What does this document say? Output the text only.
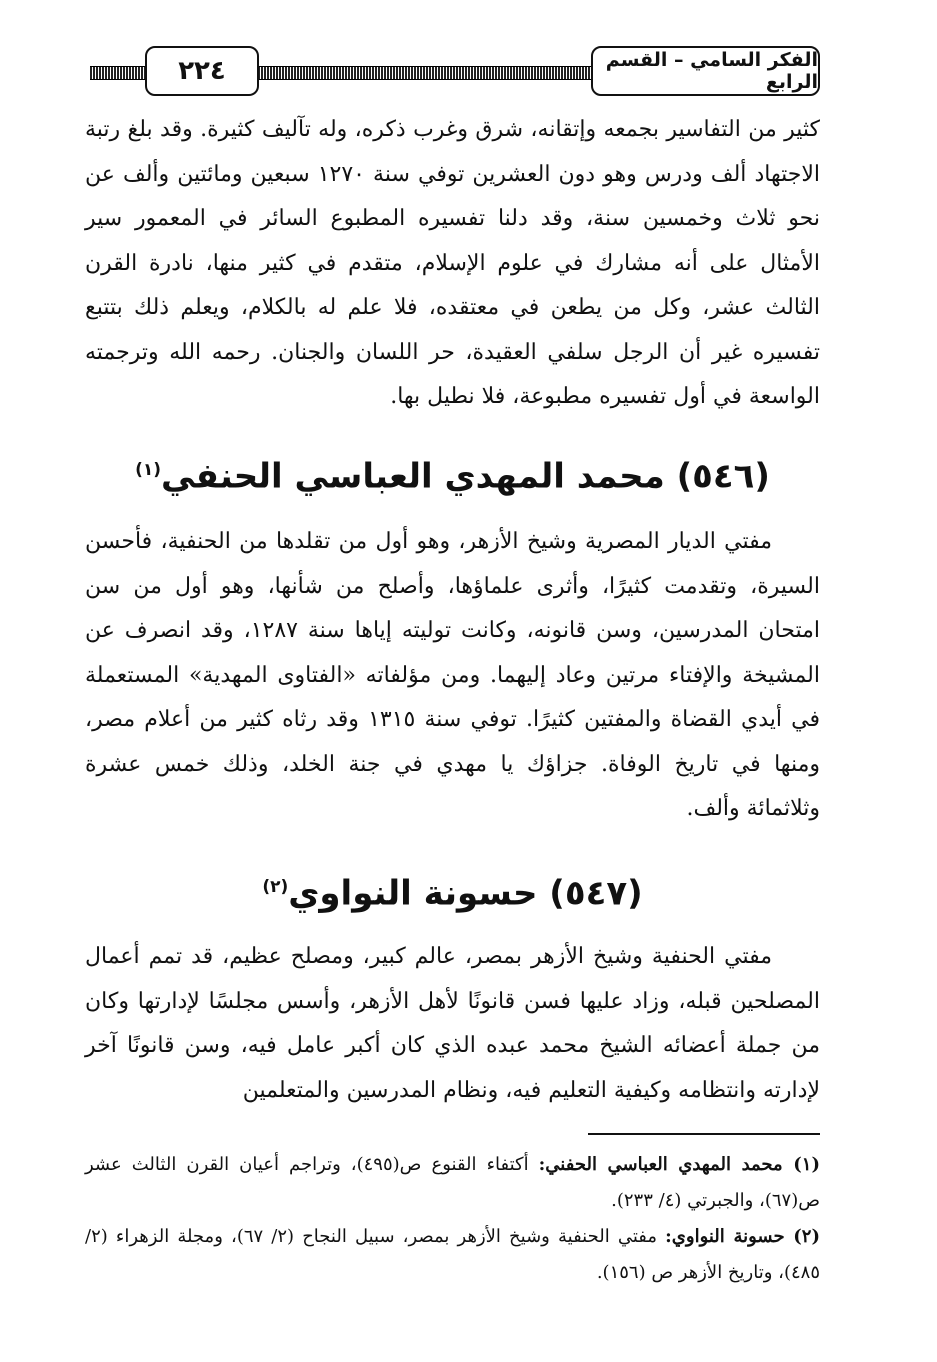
٢٢٤	الفكر السامي – القسم الرابع

كثير من التفاسير بجمعه وإتقانه، شرق وغرب ذكره، وله تآليف كثيرة. وقد بلغ رتبة الاجتهاد ألف ودرس وهو دون العشرين توفي سنة ١٢٧٠ سبعين ومائتين وألف عن نحو ثلاث وخمسين سنة، وقد دلنا تفسيره المطبوع السائر في المعمور سير الأمثال على أنه مشارك في علوم الإسلام، متقدم في كثير منها، نادرة القرن الثالث عشر، وكل من يطعن في معتقده، فلا علم له بالكلام، ويعلم ذلك بتتبع تفسيره غير أن الرجل سلفي العقيدة، حر اللسان والجنان. رحمه الله وترجمته الواسعة في أول تفسيره مطبوعة، فلا نطيل بها.

(٥٤٦) محمد المهدي العباسي الحنفي$^{(١)}$

مفتي الديار المصرية وشيخ الأزهر، وهو أول من تقلدها من الحنفية، فأحسن السيرة، وتقدمت كثيرًا، وأثرى علماؤها، وأصلح من شأنها، وهو أول من سن امتحان المدرسين، وسن قانونه، وكانت توليته إياها سنة ١٢٨٧، وقد انصرف عن المشيخة والإفتاء مرتين وعاد إليهما. ومن مؤلفاته «الفتاوى المهدية» المستعملة في أيدي القضاة والمفتين كثيرًا. توفي سنة ١٣١٥ وقد رثاه كثير من أعلام مصر، ومنها في تاريخ الوفاة. جزاؤك يا مهدي في جنة الخلد، وذلك خمس عشرة وثلاثمائة وألف.

(٥٤٧) حسونة النواوي$^{(٢)}$

مفتي الحنفية وشيخ الأزهر بمصر، عالم كبير، ومصلح عظيم، قد تمم أعمال المصلحين قبله، وزاد عليها فسن قانونًا لأهل الأزهر، وأسس مجلسًا لإدارتها وكان من جملة أعضائه الشيخ محمد عبده الذي كان أكبر عامل فيه، وسن قانونًا آخر لإدارته وانتظامه وكيفية التعليم فيه، ونظام المدرسين والمتعلمين

(١) محمد المهدي العباسي الحفني: أكتفاء القنوع ص(٤٩٥)، وتراجم أعيان القرن الثالث عشر ص(٦٧)، والجبرتي (٤/ ٢٣٣).

(٢) حسونة النواوي: مفتي الحنفية وشيخ الأزهر بمصر، سبيل النجاح (٢/ ٦٧)، ومجلة الزهراء (٢/ ٤٨٥)، وتاريخ الأزهر ص (١٥٦).
